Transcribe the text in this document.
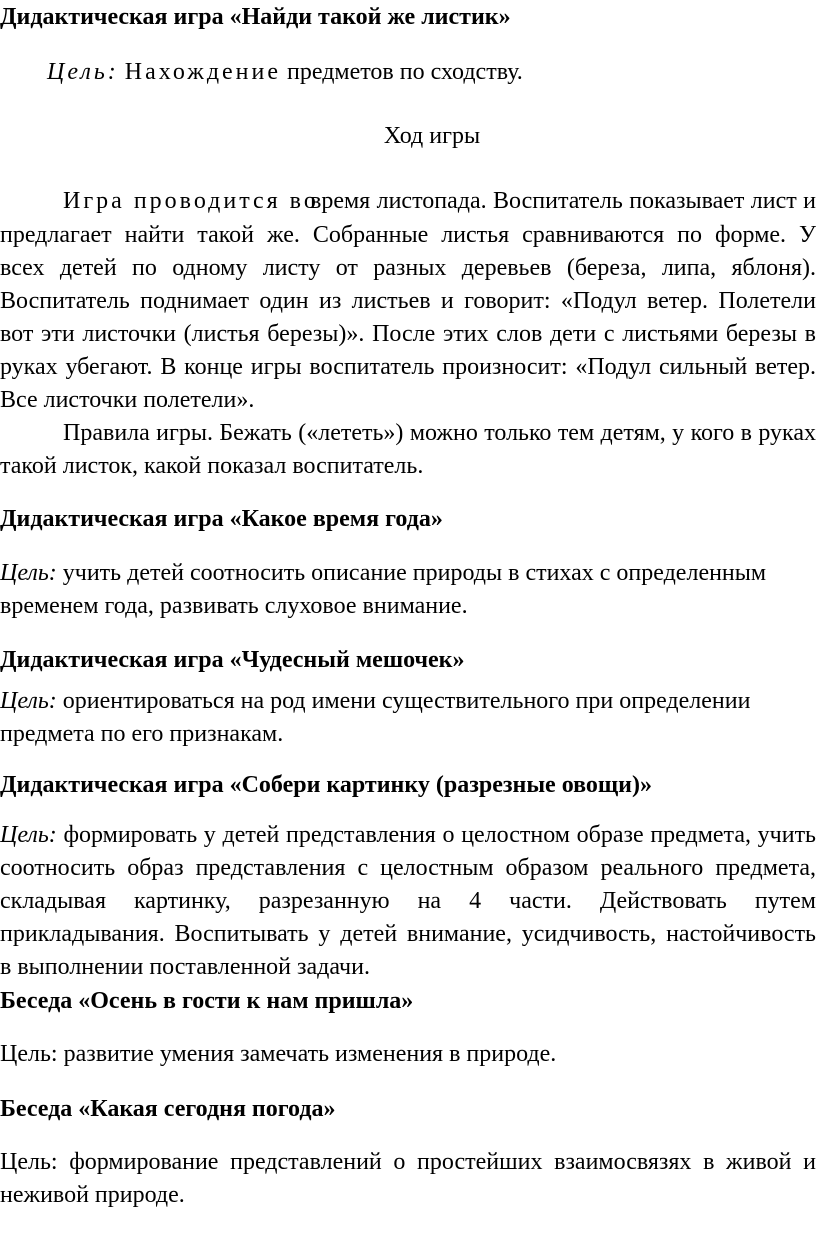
Дидактическая игра «Найди такой же листик»
Цель: Нахождение предметов по сходству.
Ход игры
Игра проводится во
время листопада. Воспитатель показывает лист и
предлагает найти такой же. Собранные листья сравниваются по форме. У
всех детей по одному листу от разных деревьев (береза, липа, яблоня).
Воспитатель поднимает один из листьев и говорит: «Подул ветер. Полетели
вот эти листочки (листья березы)». После этих слов дети с листьями березы в
руках убегают. В конце игры воспитатель произносит: «Подул сильный ветер.
Все листочки полетели».
Правила игры. Бежать («лететь») можно только тем детям, у кого в руках
такой листок, какой показал воспитатель.
Дидактическая игра «Какое время года»
Цель: учить детей соотносить описание природы в стихах с определенным
временем года, развивать слуховое внимание.
Дидактическая игра «Чудесный мешочек»
Цель: ориентироваться на род имени существительного при определении
предмета по его признакам.
Дидактическая игра «Собери картинку (разрезные овощи)»
Цель: формировать у детей представления о целостном образе предмета, учить
соотносить образ представления с целостным образом реального предмета,
складывая картинку, разрезанную на 4 части. Действовать путем
прикладывания. Воспитывать у детей внимание, усидчивость, настойчивость
в выполнении поставленной задачи.
Беседа «Осень в гости к нам пришла»
Цель: развитие умения замечать изменения в природе.
Беседа «Какая сегодня погода»
Цель: формирование представлений о простейших взаимосвязях в живой и
неживой природе.
